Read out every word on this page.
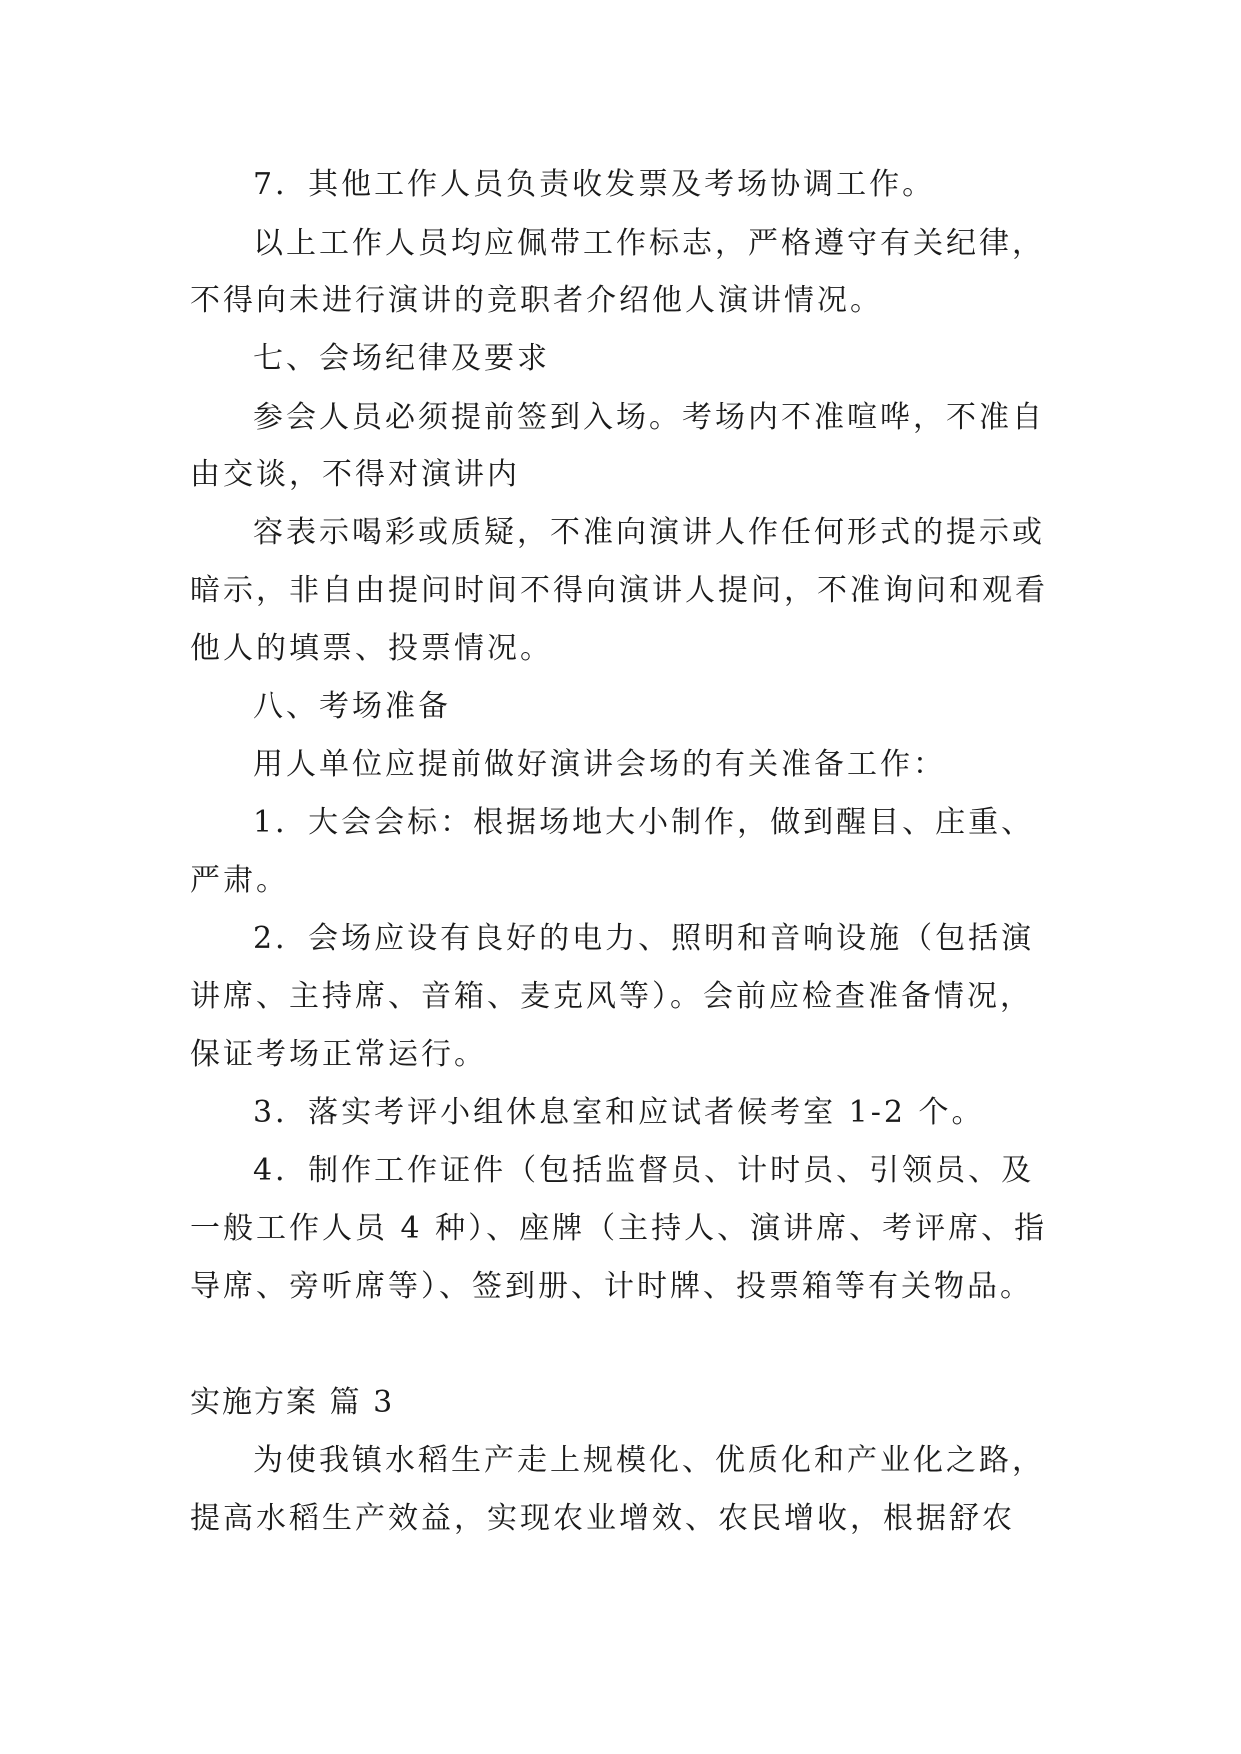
7．其他工作人员负责收发票及考场协调工作。
以上工作人员均应佩带工作标志，严格遵守有关纪律，
不得向未进行演讲的竞职者介绍他人演讲情况。
七、会场纪律及要求
参会人员必须提前签到入场。考场内不准喧哗，不准自
由交谈，不得对演讲内
容表示喝彩或质疑，不准向演讲人作任何形式的提示或
暗示，非自由提问时间不得向演讲人提问，不准询问和观看
他人的填票、投票情况。
八、考场准备
用人单位应提前做好演讲会场的有关准备工作：
1．大会会标：根据场地大小制作，做到醒目、庄重、
严肃。
2．会场应设有良好的电力、照明和音响设施（包括演
讲席、主持席、音箱、麦克风等）。会前应检查准备情况，
保证考场正常运行。
3．落实考评小组休息室和应试者候考室 1-2 个。
4．制作工作证件（包括监督员、计时员、引领员、及
一般工作人员 4 种）、座牌（主持人、演讲席、考评席、指
导席、旁听席等）、签到册、计时牌、投票箱等有关物品。
实施方案 篇 3
为使我镇水稻生产走上规模化、优质化和产业化之路，
提高水稻生产效益，实现农业增效、农民增收，根据舒农
